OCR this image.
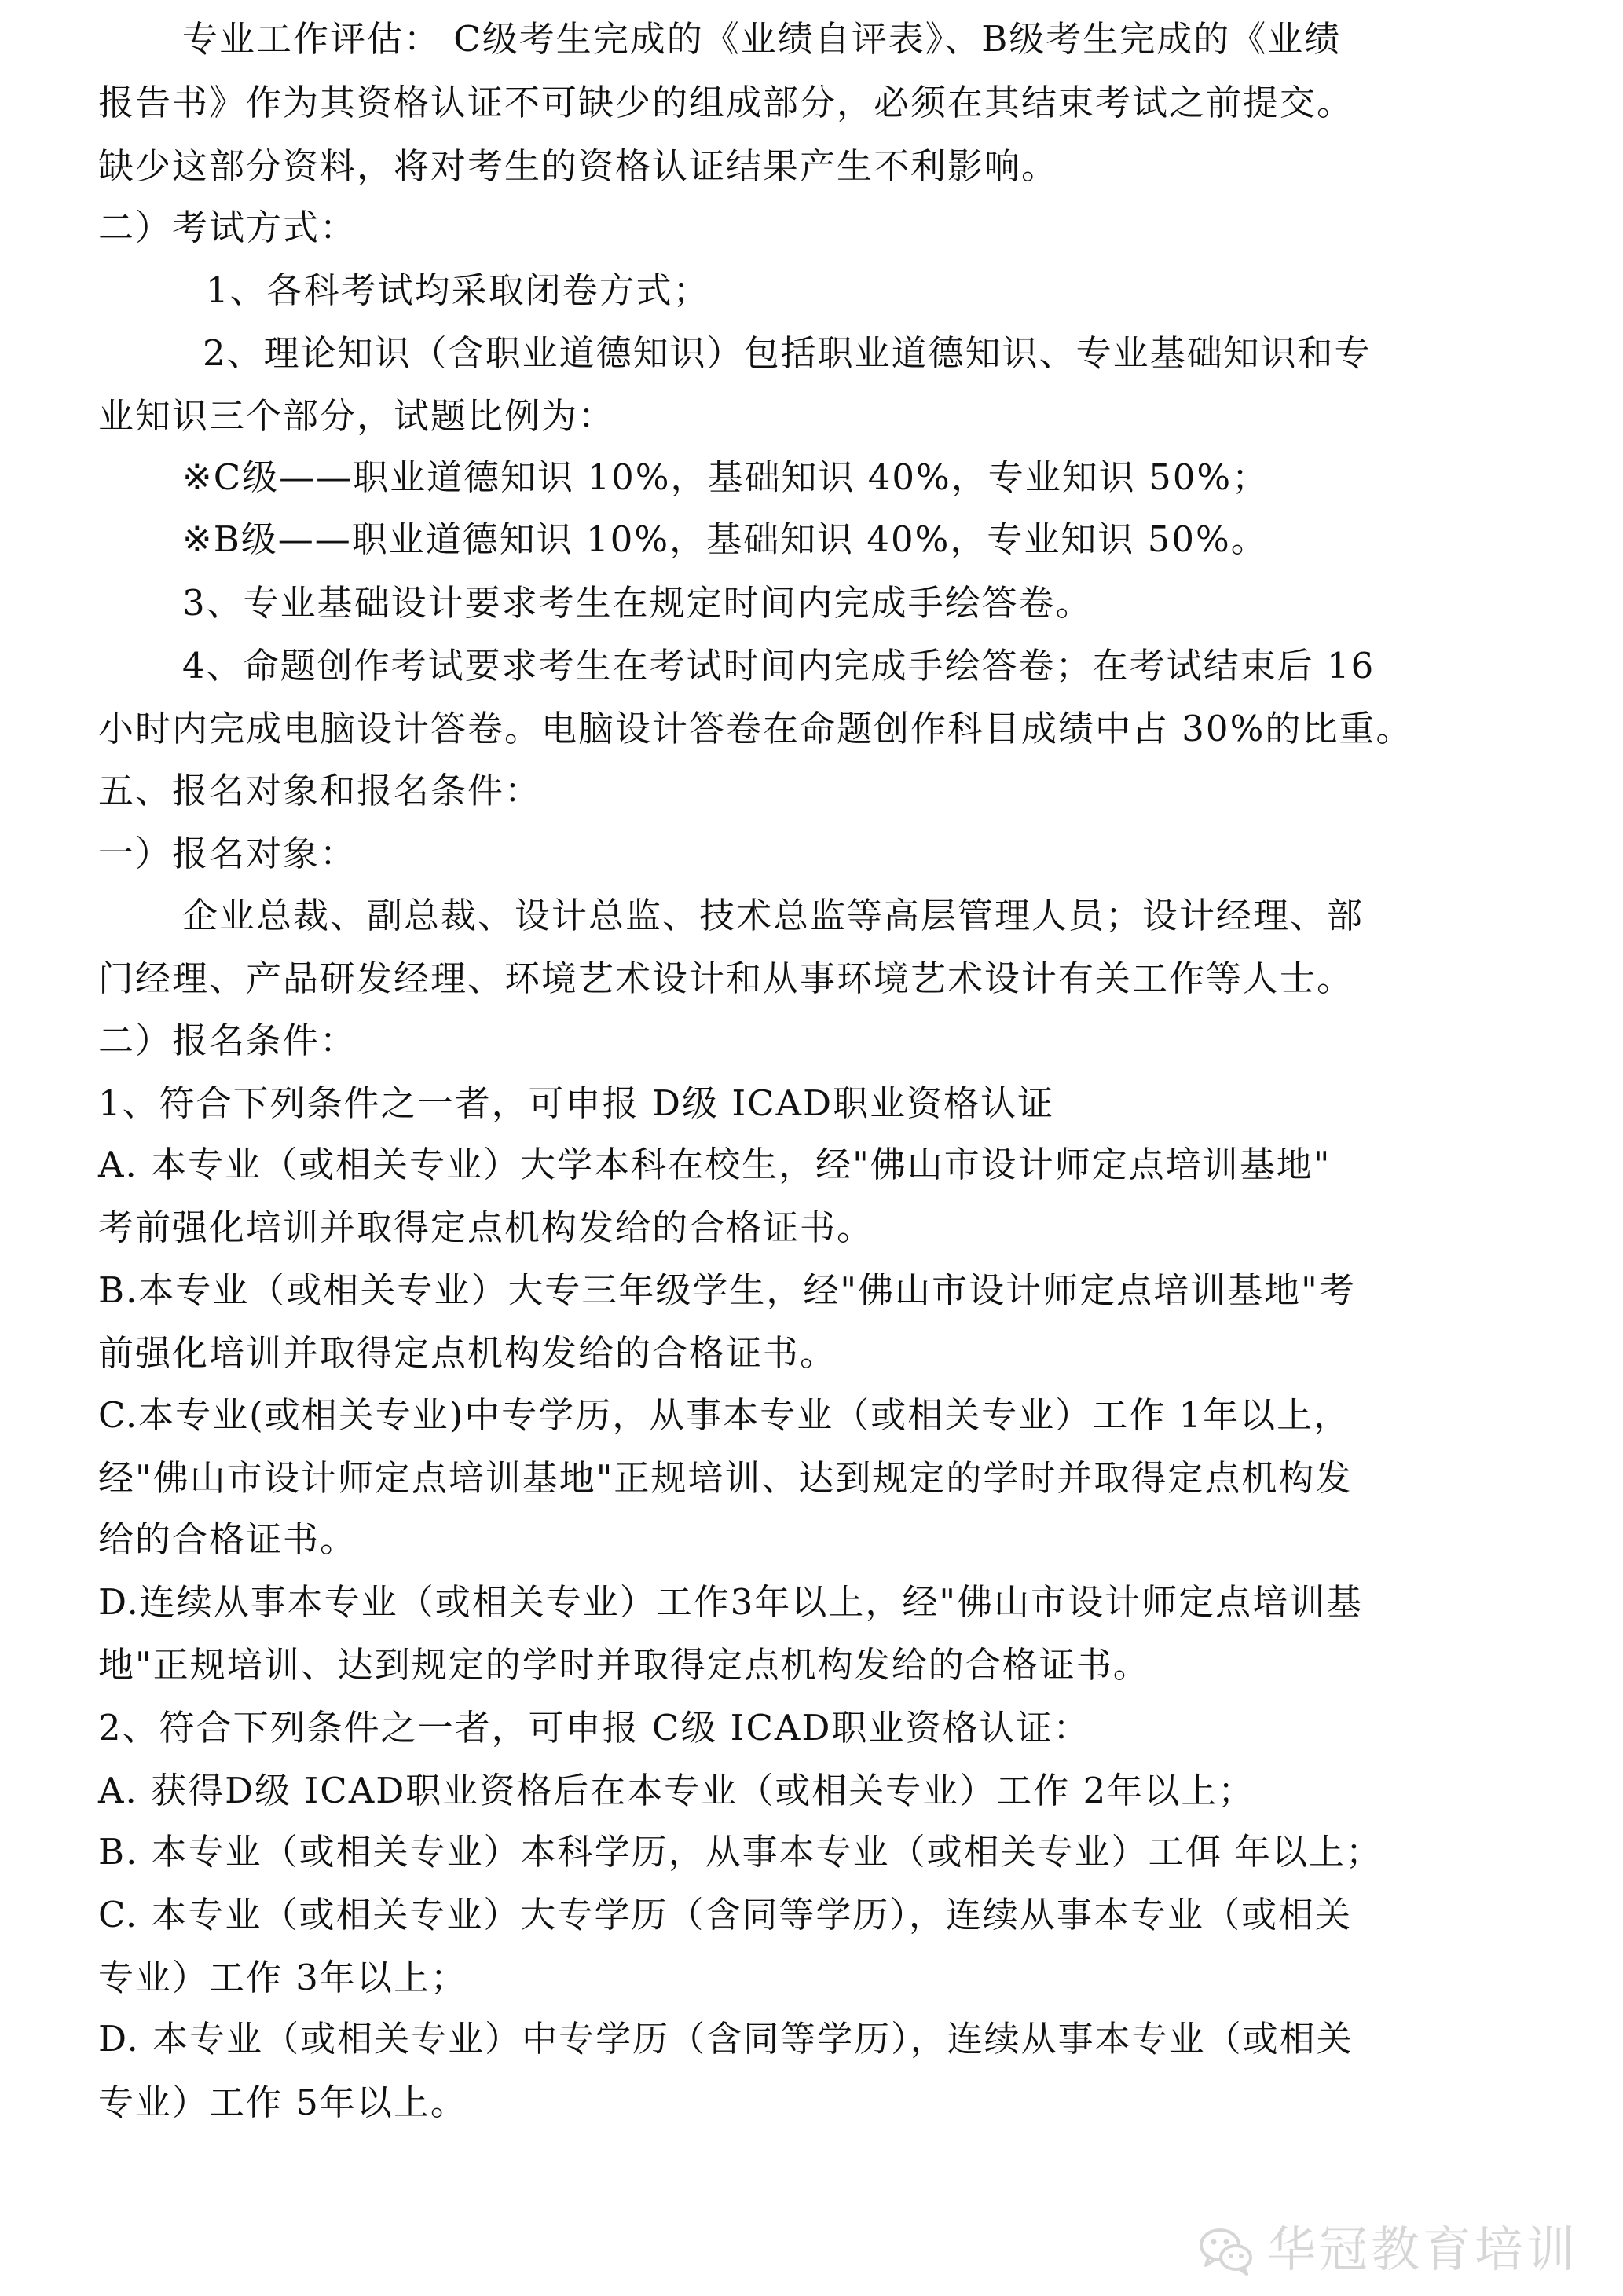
专业工作评估： C级考生完成的《业绩自评表》、B级考生完成的《业绩
报告书》作为其资格认证不可缺少的组成部分，必须在其结束考试之前提交。
缺少这部分资料，将对考生的资格认证结果产生不利影响。
二）考试方式：
1、各科考试均采取闭卷方式；
2、理论知识（含职业道德知识）包括职业道德知识、专业基础知识和专
业知识三个部分，试题比例为：
※C级——职业道德知识 10%，基础知识 40%，专业知识 50%；
※B级——职业道德知识 10%，基础知识 40%，专业知识 50%。
3、专业基础设计要求考生在规定时间内完成手绘答卷。
4、命题创作考试要求考生在考试时间内完成手绘答卷；在考试结束后 16
小时内完成电脑设计答卷。电脑设计答卷在命题创作科目成绩中占 30%的比重。
五、报名对象和报名条件：
一）报名对象：
企业总裁、副总裁、设计总监、技术总监等高层管理人员；设计经理、部
门经理、产品研发经理、环境艺术设计和从事环境艺术设计有关工作等人士。
二）报名条件：
1、符合下列条件之一者，可申报 D级 ICAD职业资格认证
A. 本专业（或相关专业）大学本科在校生，经"佛山市设计师定点培训基地"
考前强化培训并取得定点机构发给的合格证书。
B.本专业（或相关专业）大专三年级学生，经"佛山市设计师定点培训基地"考
前强化培训并取得定点机构发给的合格证书。
C.本专业(或相关专业)中专学历，从事本专业（或相关专业）工作 1年以上，
经"佛山市设计师定点培训基地"正规培训、达到规定的学时并取得定点机构发
给的合格证书。
D.连续从事本专业（或相关专业）工作3年以上，经"佛山市设计师定点培训基
地"正规培训、达到规定的学时并取得定点机构发给的合格证书。
2、符合下列条件之一者，可申报 C级 ICAD职业资格认证：
A. 获得D级 ICAD职业资格后在本专业（或相关专业）工作 2年以上；
B. 本专业（或相关专业）本科学历，从事本专业（或相关专业）工佴 年以上；
C. 本专业（或相关专业）大专学历（含同等学历），连续从事本专业（或相关
专业）工作 3年以上；
D. 本专业（或相关专业）中专学历（含同等学历），连续从事本专业（或相关
专业）工作 5年以上。
华冠教育培训
